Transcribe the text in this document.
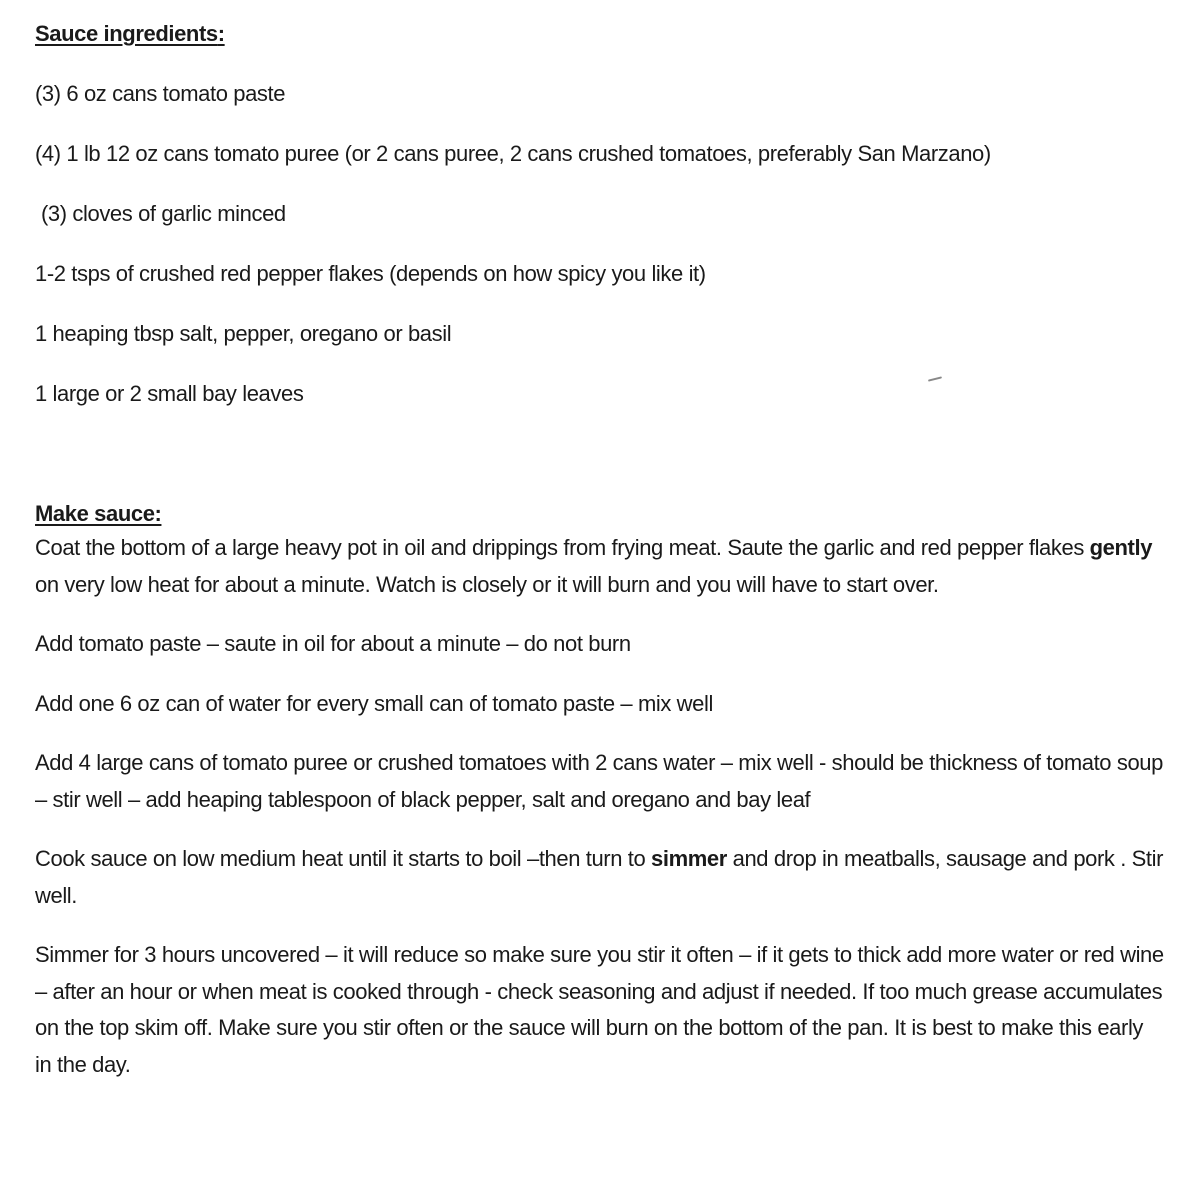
Sauce ingredients:

(3) 6 oz cans tomato paste

(4) 1 lb 12 oz cans tomato puree (or 2 cans puree, 2 cans crushed tomatoes, preferably San Marzano)

(3) cloves of garlic minced

1-2 tsps of crushed red pepper flakes (depends on how spicy you like it)

1 heaping tbsp salt, pepper, oregano or basil

1 large or 2 small bay leaves

Make sauce:

Coat the bottom of a large heavy pot in oil and drippings from frying meat. Saute the garlic and red pepper flakes gently on very low heat for about a minute. Watch is closely or it will burn and you will have to start over.

Add tomato paste – saute in oil for about a minute – do not burn

Add one 6 oz can of water for every small can of tomato paste – mix well

Add 4 large cans of tomato puree or crushed tomatoes with 2 cans water – mix well - should be thickness of tomato soup – stir well – add heaping tablespoon of black pepper, salt and oregano and bay leaf

Cook sauce on low medium heat until it starts to boil –then turn to simmer and drop in meatballs, sausage and pork . Stir well.

Simmer for 3 hours uncovered – it will reduce so make sure you stir it often – if it gets to thick add more water or red wine – after an hour or when meat is cooked through - check seasoning and adjust if needed. If too much grease accumulates on the top skim off. Make sure you stir often or the sauce will burn on the bottom of the pan. It is best to make this early in the day.
